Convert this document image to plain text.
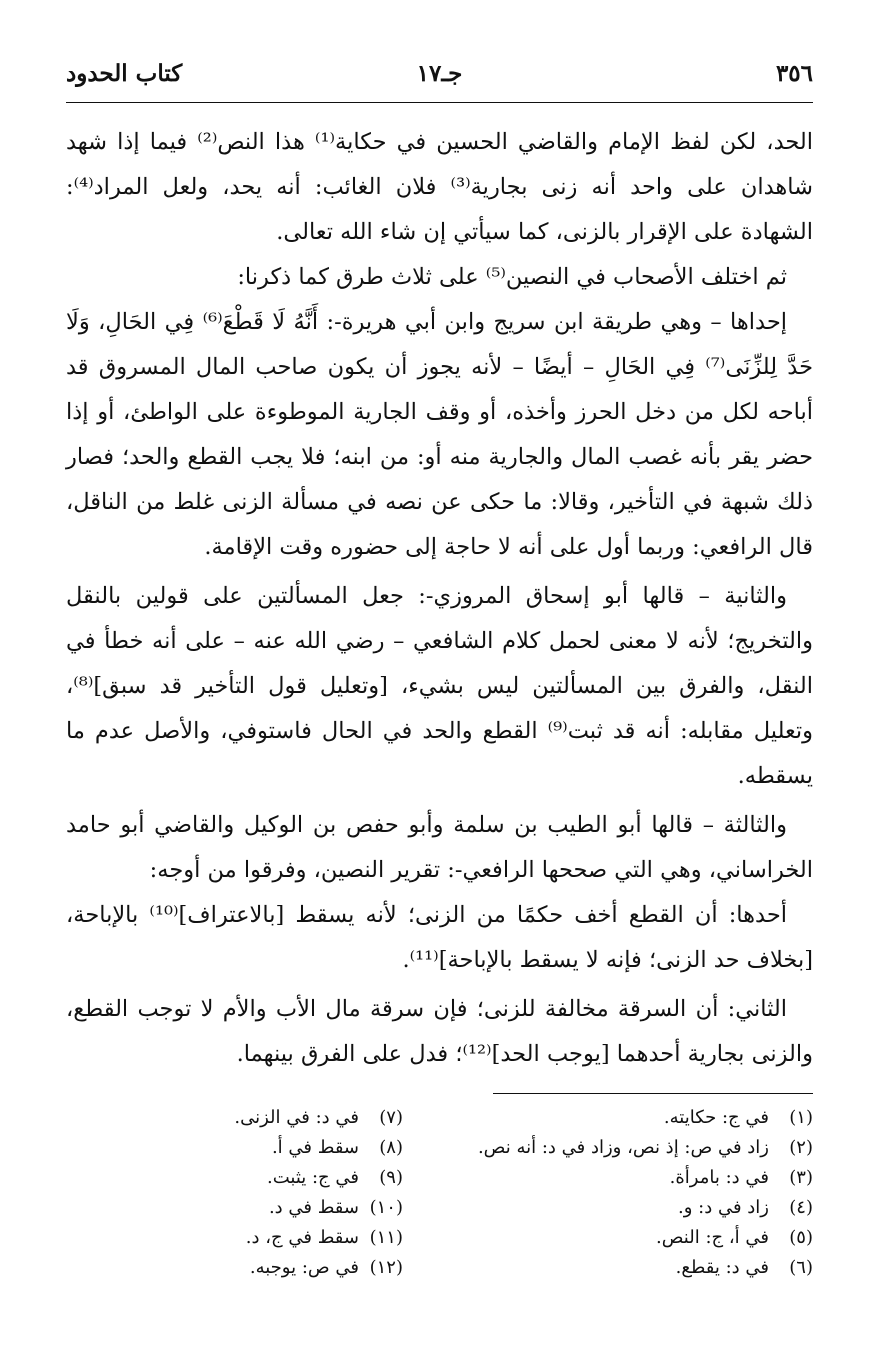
٣٥٦
جـ١٧
كتاب الحدود

الحد، لكن لفظ الإمام والقاضي الحسين في حكاية⁽¹⁾ هذا النص⁽²⁾ فيما إذا شهد شاهدان على واحد أنه زنى بجارية⁽³⁾ فلان الغائب: أنه يحد، ولعل المراد⁽⁴⁾: الشهادة على الإقرار بالزنى، كما سيأتي إن شاء الله تعالى.

ثم اختلف الأصحاب في النصين⁽⁵⁾ على ثلاث طرق كما ذكرنا:

إحداها – وهي طريقة ابن سريج وابن أبي هريرة-: أَنَّهُ لَا قَطْعَ⁽⁶⁾ فِي الحَالِ، وَلَا حَدَّ لِلزِّنَى⁽⁷⁾ فِي الحَالِ – أيضًا – لأنه يجوز أن يكون صاحب المال المسروق قد أباحه لكل من دخل الحرز وأخذه، أو وقف الجارية الموطوءة على الواطئ، أو إذا حضر يقر بأنه غصب المال والجارية منه أو: من ابنه؛ فلا يجب القطع والحد؛ فصار ذلك شبهة في التأخير، وقالا: ما حكى عن نصه في مسألة الزنى غلط من الناقل، قال الرافعي: وربما أول على أنه لا حاجة إلى حضوره وقت الإقامة.

والثانية – قالها أبو إسحاق المروزي-: جعل المسألتين على قولين بالنقل والتخريج؛ لأنه لا معنى لحمل كلام الشافعي – رضي الله عنه – على أنه خطأ في النقل، والفرق بين المسألتين ليس بشيء، [وتعليل قول التأخير قد سبق]⁽⁸⁾، وتعليل مقابله: أنه قد ثبت⁽⁹⁾ القطع والحد في الحال فاستوفي، والأصل عدم ما يسقطه.

والثالثة – قالها أبو الطيب بن سلمة وأبو حفص بن الوكيل والقاضي أبو حامد الخراساني، وهي التي صححها الرافعي-: تقرير النصين، وفرقوا من أوجه:

أحدها: أن القطع أخف حكمًا من الزنى؛ لأنه يسقط [بالاعتراف]⁽¹⁰⁾ بالإباحة، [بخلاف حد الزنى؛ فإنه لا يسقط بالإباحة]⁽¹¹⁾.

الثاني: أن السرقة مخالفة للزنى؛ فإن سرقة مال الأب والأم لا توجب القطع، والزنى بجارية أحدهما [يوجب الحد]⁽¹²⁾؛ فدل على الفرق بينهما.

(١)في ج: حكايته.
(٢)زاد في ص: إذ نص، وزاد في د: أنه نص.
(٣)في د: بامرأة.
(٤)زاد في د: و.
(٥)في أ، ج: النص.
(٦)في د: يقطع.
(٧)في د: في الزنى.
(٨)سقط في أ.
(٩)في ج: يثبت.
(١٠)سقط في د.
(١١)سقط في ج، د.
(١٢)في ص: يوجبه.
